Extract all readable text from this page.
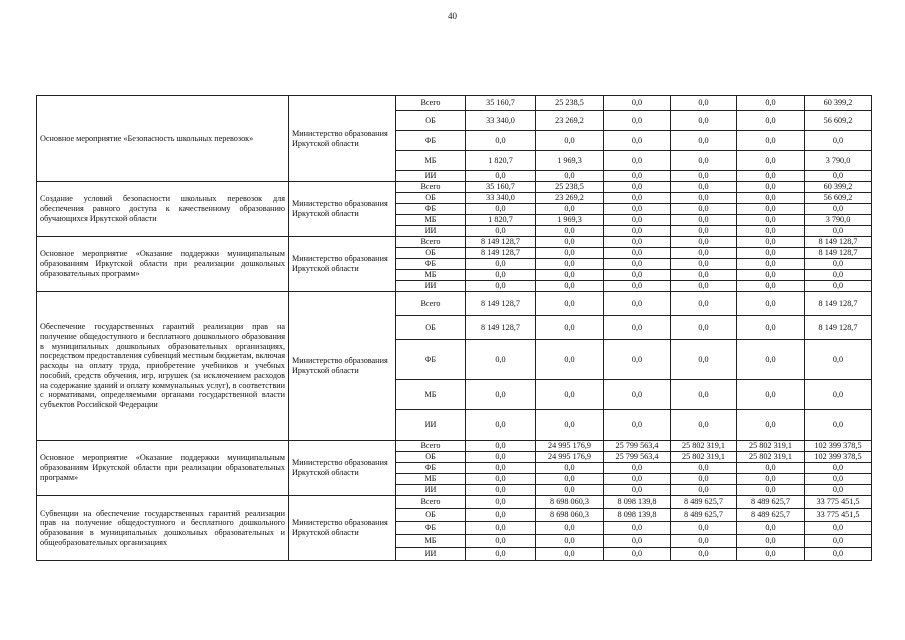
40
Основное мероприятие «Безопасность школьных перевозок»	Министерство образования Иркутской области	Всего	35 160,7	25 238,5	0,0	0,0	0,0	60 399,2
		ОБ	33 340,0	23 269,2	0,0	0,0	0,0	56 609,2
		ФБ	0,0	0,0	0,0	0,0	0,0	0,0
		МБ	1 820,7	1 969,3	0,0	0,0	0,0	3 790,0
		ИИ	0,0	0,0	0,0	0,0	0,0	0,0
Создание условий безопасности школьных перевозок для обеспечения равного доступа к качественному образованию обучающихся Иркутской области	Министерство образования Иркутской области	Всего	35 160,7	25 238,5	0,0	0,0	0,0	60 399,2
		ОБ	33 340,0	23 269,2	0,0	0,0	0,0	56 609,2
		ФБ	0,0	0,0	0,0	0,0	0,0	0,0
		МБ	1 820,7	1 969,3	0,0	0,0	0,0	3 790,0
		ИИ	0,0	0,0	0,0	0,0	0,0	0,0
Основное мероприятие «Оказание поддержки муниципальным образованиям Иркутской области при реализации дошкольных образовательных программ»	Министерство образования Иркутской области	Всего	8 149 128,7	0,0	0,0	0,0	0,0	8 149 128,7
		ОБ	8 149 128,7	0,0	0,0	0,0	0,0	8 149 128,7
		ФБ	0,0	0,0	0,0	0,0	0,0	0,0
		МБ	0,0	0,0	0,0	0,0	0,0	0,0
		ИИ	0,0	0,0	0,0	0,0	0,0	0,0
Обеспечение государственных гарантий реализации прав на получение общедоступного и бесплатного дошкольного образования в муниципальных дошкольных образовательных организациях, посредством предоставления субвенций местным бюджетам, включая расходы на оплату труда, приобретение учебников и учебных пособий, средств обучения, игр, игрушек (за исключением расходов на содержание зданий и оплату коммунальных услуг), в соответствии с нормативами, определяемыми органами государственной власти субъектов Российской Федерации	Министерство образования Иркутской области	Всего	8 149 128,7	0,0	0,0	0,0	0,0	8 149 128,7
		ОБ	8 149 128,7	0,0	0,0	0,0	0,0	8 149 128,7
		ФБ	0,0	0,0	0,0	0,0	0,0	0,0
		МБ	0,0	0,0	0,0	0,0	0,0	0,0
		ИИ	0,0	0,0	0,0	0,0	0,0	0,0
Основное мероприятие «Оказание поддержки муниципальным образованиям Иркутской области при реализации образовательных программ»	Министерство образования Иркутской области	Всего	0,0	24 995 176,9	25 799 563,4	25 802 319,1	25 802 319,1	102 399 378,5
		ОБ	0,0	24 995 176,9	25 799 563,4	25 802 319,1	25 802 319,1	102 399 378,5
		ФБ	0,0	0,0	0,0	0,0	0,0	0,0
		МБ	0,0	0,0	0,0	0,0	0,0	0,0
		ИИ	0,0	0,0	0,0	0,0	0,0	0,0
Субвенции на обеспечение государственных гарантий реализации прав на получение общедоступного и бесплатного дошкольного образования в муниципальных дошкольных образовательных и общеобразовательных организациях	Министерство образования Иркутской области	Всего	0,0	8 698 060,3	8 098 139,8	8 489 625,7	8 489 625,7	33 775 451,5
		ОБ	0,0	8 698 060,3	8 098 139,8	8 489 625,7	8 489 625,7	33 775 451,5
		ФБ	0,0	0,0	0,0	0,0	0,0	0,0
		МБ	0,0	0,0	0,0	0,0	0,0	0,0
		ИИ	0,0	0,0	0,0	0,0	0,0	0,0
